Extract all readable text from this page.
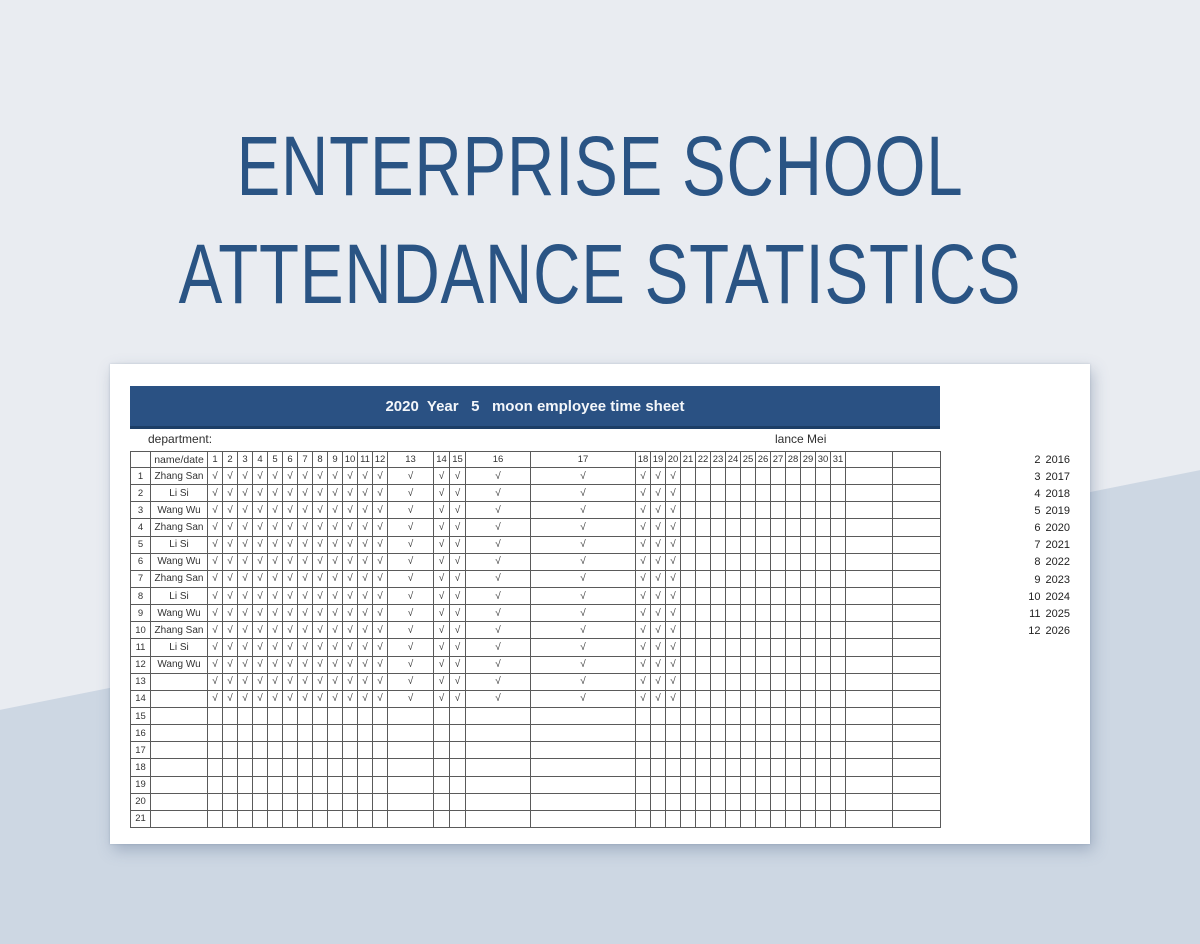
ENTERPRISE SCHOOL
ATTENDANCE STATISTICS
2020  Year   5   moon employee time sheet
department:	lance Mei
	name/date	1	2	3	4	5	6	7	8	9	10	11	12	13	14	15	16	17	18	19	20	21	22	23	24	25	26	27	28	29	30	31		
1	Zhang San	√	√	√	√	√	√	√	√	√	√	√	√	√	√	√	√	√	√	√	√													
2	Li Si	√	√	√	√	√	√	√	√	√	√	√	√	√	√	√	√	√	√	√	√													
3	Wang Wu	√	√	√	√	√	√	√	√	√	√	√	√	√	√	√	√	√	√	√	√													
4	Zhang San	√	√	√	√	√	√	√	√	√	√	√	√	√	√	√	√	√	√	√	√													
5	Li Si	√	√	√	√	√	√	√	√	√	√	√	√	√	√	√	√	√	√	√	√													
6	Wang Wu	√	√	√	√	√	√	√	√	√	√	√	√	√	√	√	√	√	√	√	√													
7	Zhang San	√	√	√	√	√	√	√	√	√	√	√	√	√	√	√	√	√	√	√	√													
8	Li Si	√	√	√	√	√	√	√	√	√	√	√	√	√	√	√	√	√	√	√	√													
9	Wang Wu	√	√	√	√	√	√	√	√	√	√	√	√	√	√	√	√	√	√	√	√													
10	Zhang San	√	√	√	√	√	√	√	√	√	√	√	√	√	√	√	√	√	√	√	√													
11	Li Si	√	√	√	√	√	√	√	√	√	√	√	√	√	√	√	√	√	√	√	√													
12	Wang Wu	√	√	√	√	√	√	√	√	√	√	√	√	√	√	√	√	√	√	√	√													
13		√	√	√	√	√	√	√	√	√	√	√	√	√	√	√	√	√	√	√	√													
14		√	√	√	√	√	√	√	√	√	√	√	√	√	√	√	√	√	√	√	√													
15																																		
16																																		
17																																		
18																																		
19																																		
20																																		
21																																		
2 2016
3 2017
4 2018
5 2019
6 2020
7 2021
8 2022
9 2023
10 2024
11 2025
12 2026
